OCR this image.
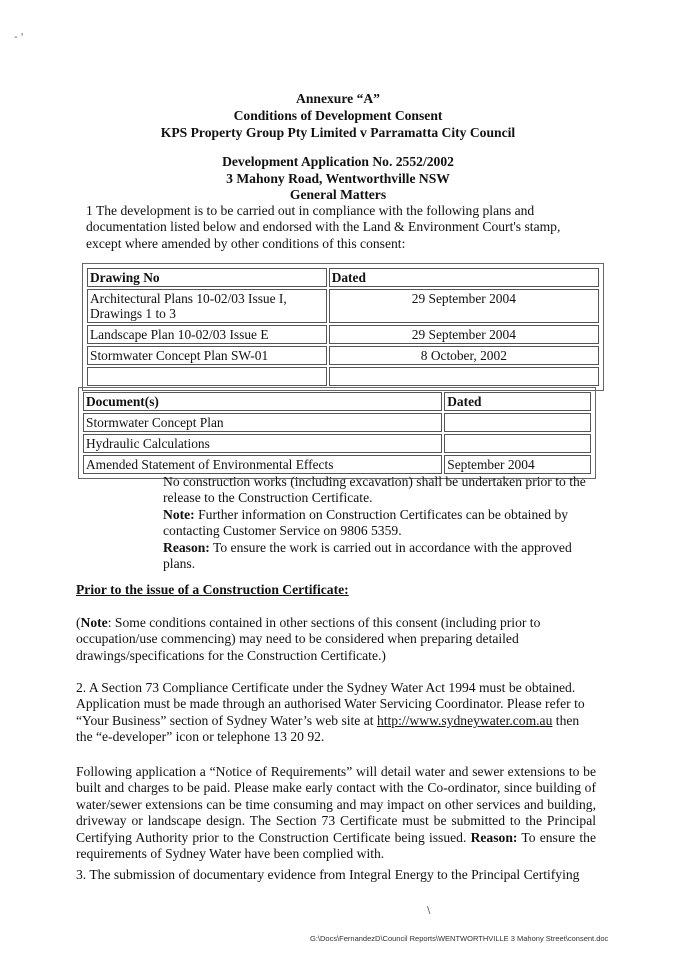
- '
Annexure “A”
Conditions of Development Consent
KPS Property Group Pty Limited v Parramatta City Council
Development Application No. 2552/2002
3 Mahony Road, Wentworthville NSW
General Matters
1 The development is to be carried out in compliance with the following plans and documentation listed below and endorsed with the Land & Environment Court's stamp, except where amended by other conditions of this consent:
Drawing No	Dated
Architectural Plans 10-02/03 Issue I, Drawings 1 to 3	29 September 2004
Landscape Plan 10-02/03 Issue E	29 September 2004
Stormwater Concept Plan SW-01	8 October, 2002

Document(s)	Dated
Stormwater Concept Plan	
Hydraulic Calculations	
Amended Statement of Environmental Effects	September 2004
No construction works (including excavation) shall be undertaken prior to the release to the Construction Certificate.
Note: Further information on Construction Certificates can be obtained by contacting Customer Service on 9806 5359.
Reason: To ensure the work is carried out in accordance with the approved plans.
Prior to the issue of a Construction Certificate:
(Note: Some conditions contained in other sections of this consent (including prior to occupation/use commencing) may need to be considered when preparing detailed drawings/specifications for the Construction Certificate.)
2. A Section 73 Compliance Certificate under the Sydney Water Act 1994 must be obtained. Application must be made through an authorised Water Servicing Coordinator. Please refer to “Your Business” section of Sydney Water’s web site at http://www.sydneywater.com.au then the “e-developer” icon or telephone 13 20 92.
Following application a “Notice of Requirements” will detail water and sewer extensions to be built and charges to be paid. Please make early contact with the Co-ordinator, since building of water/sewer extensions can be time consuming and may impact on other services and building, driveway or landscape design. The Section 73 Certificate must be submitted to the Principal Certifying Authority prior to the Construction Certificate being issued. Reason: To ensure the requirements of Sydney Water have been complied with.
3. The submission of documentary evidence from Integral Energy to the Principal Certifying
\
G:\Docs\FernandezD\Council Reports\WENTWORTHVILLE 3 Mahony Street\consent.doc
